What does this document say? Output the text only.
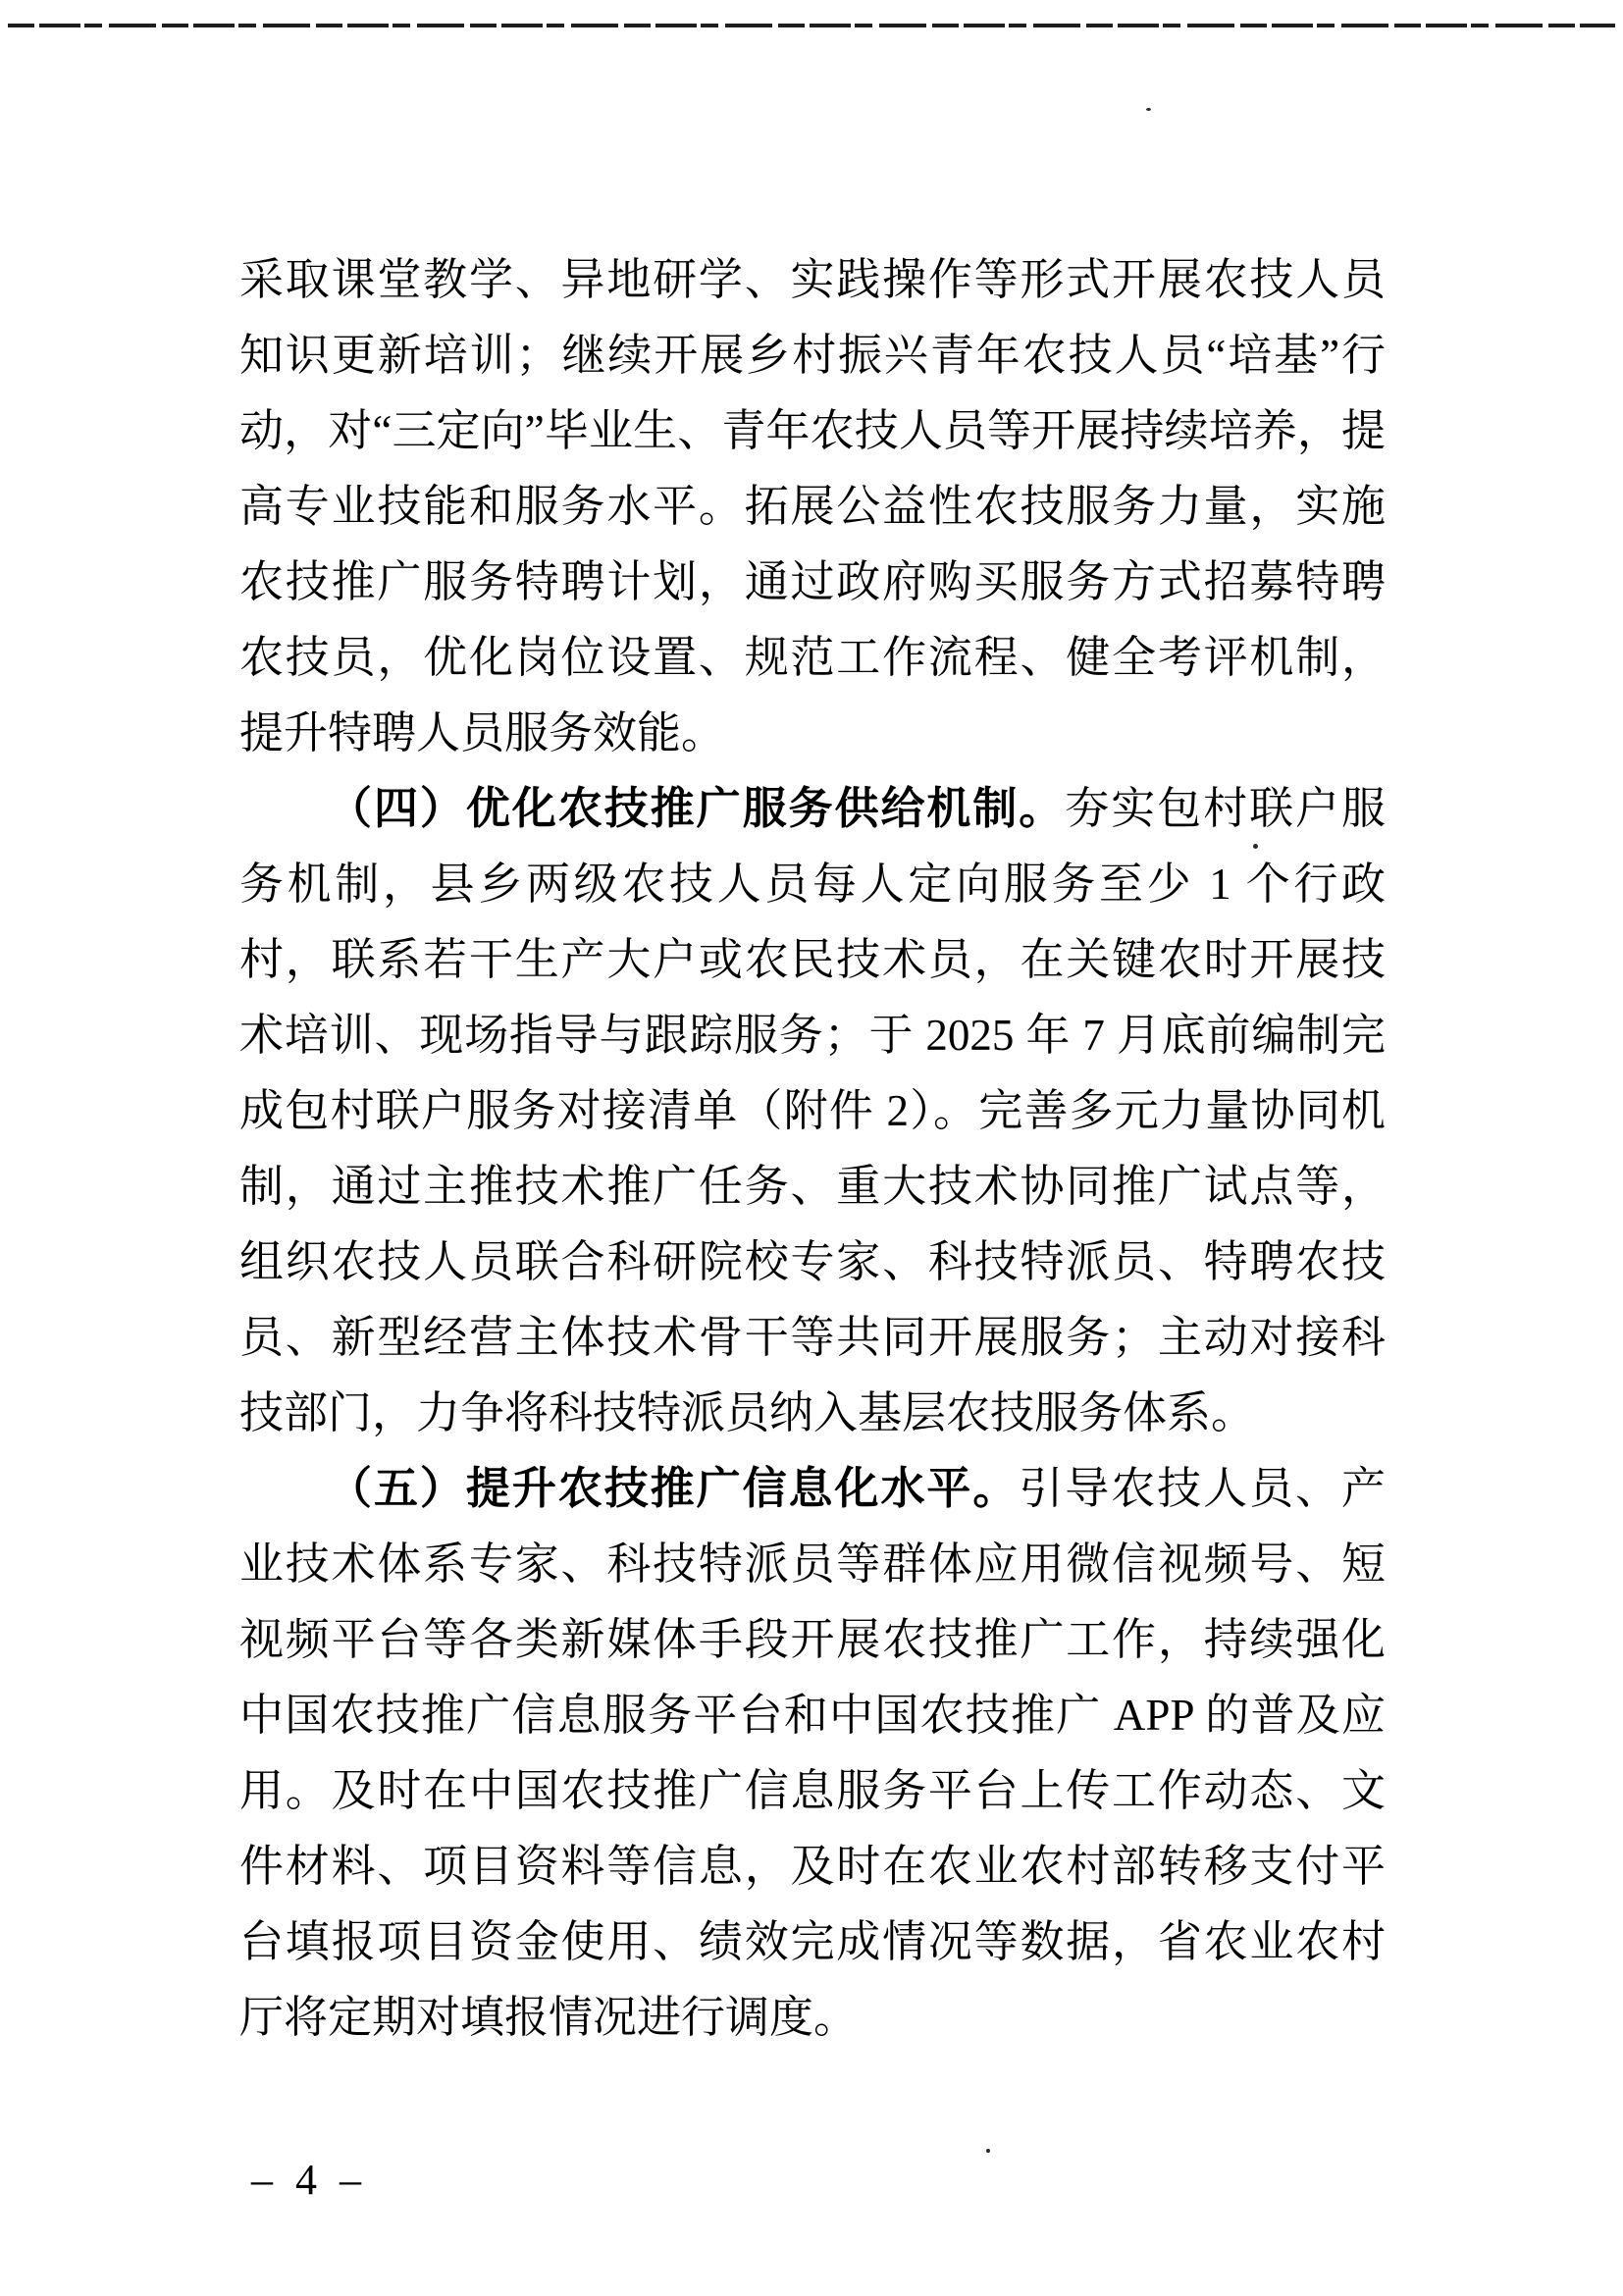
采取课堂教学、异地研学、实践操作等形式开展农技人员知识更新培训；继续开展乡村振兴青年农技人员“培基”行动，对“三定向”毕业生、青年农技人员等开展持续培养，提高专业技能和服务水平。拓展公益性农技服务力量，实施农技推广服务特聘计划，通过政府购买服务方式招募特聘农技员，优化岗位设置、规范工作流程、健全考评机制，提升特聘人员服务效能。

（四）优化农技推广服务供给机制。夯实包村联户服务机制，县乡两级农技人员每人定向服务至少 1 个行政村，联系若干生产大户或农民技术员，在关键农时开展技术培训、现场指导与跟踪服务；于 2025 年 7 月底前编制完成包村联户服务对接清单（附件 2）。完善多元力量协同机制，通过主推技术推广任务、重大技术协同推广试点等，组织农技人员联合科研院校专家、科技特派员、特聘农技员、新型经营主体技术骨干等共同开展服务；主动对接科技部门，力争将科技特派员纳入基层农技服务体系。

（五）提升农技推广信息化水平。引导农技人员、产业技术体系专家、科技特派员等群体应用微信视频号、短视频平台等各类新媒体手段开展农技推广工作，持续强化中国农技推广信息服务平台和中国农技推广 APP 的普及应用。及时在中国农技推广信息服务平台上传工作动态、文件材料、项目资料等信息，及时在农业农村部转移支付平台填报项目资金使用、绩效完成情况等数据，省农业农村厅将定期对填报情况进行调度。

– 4 –
